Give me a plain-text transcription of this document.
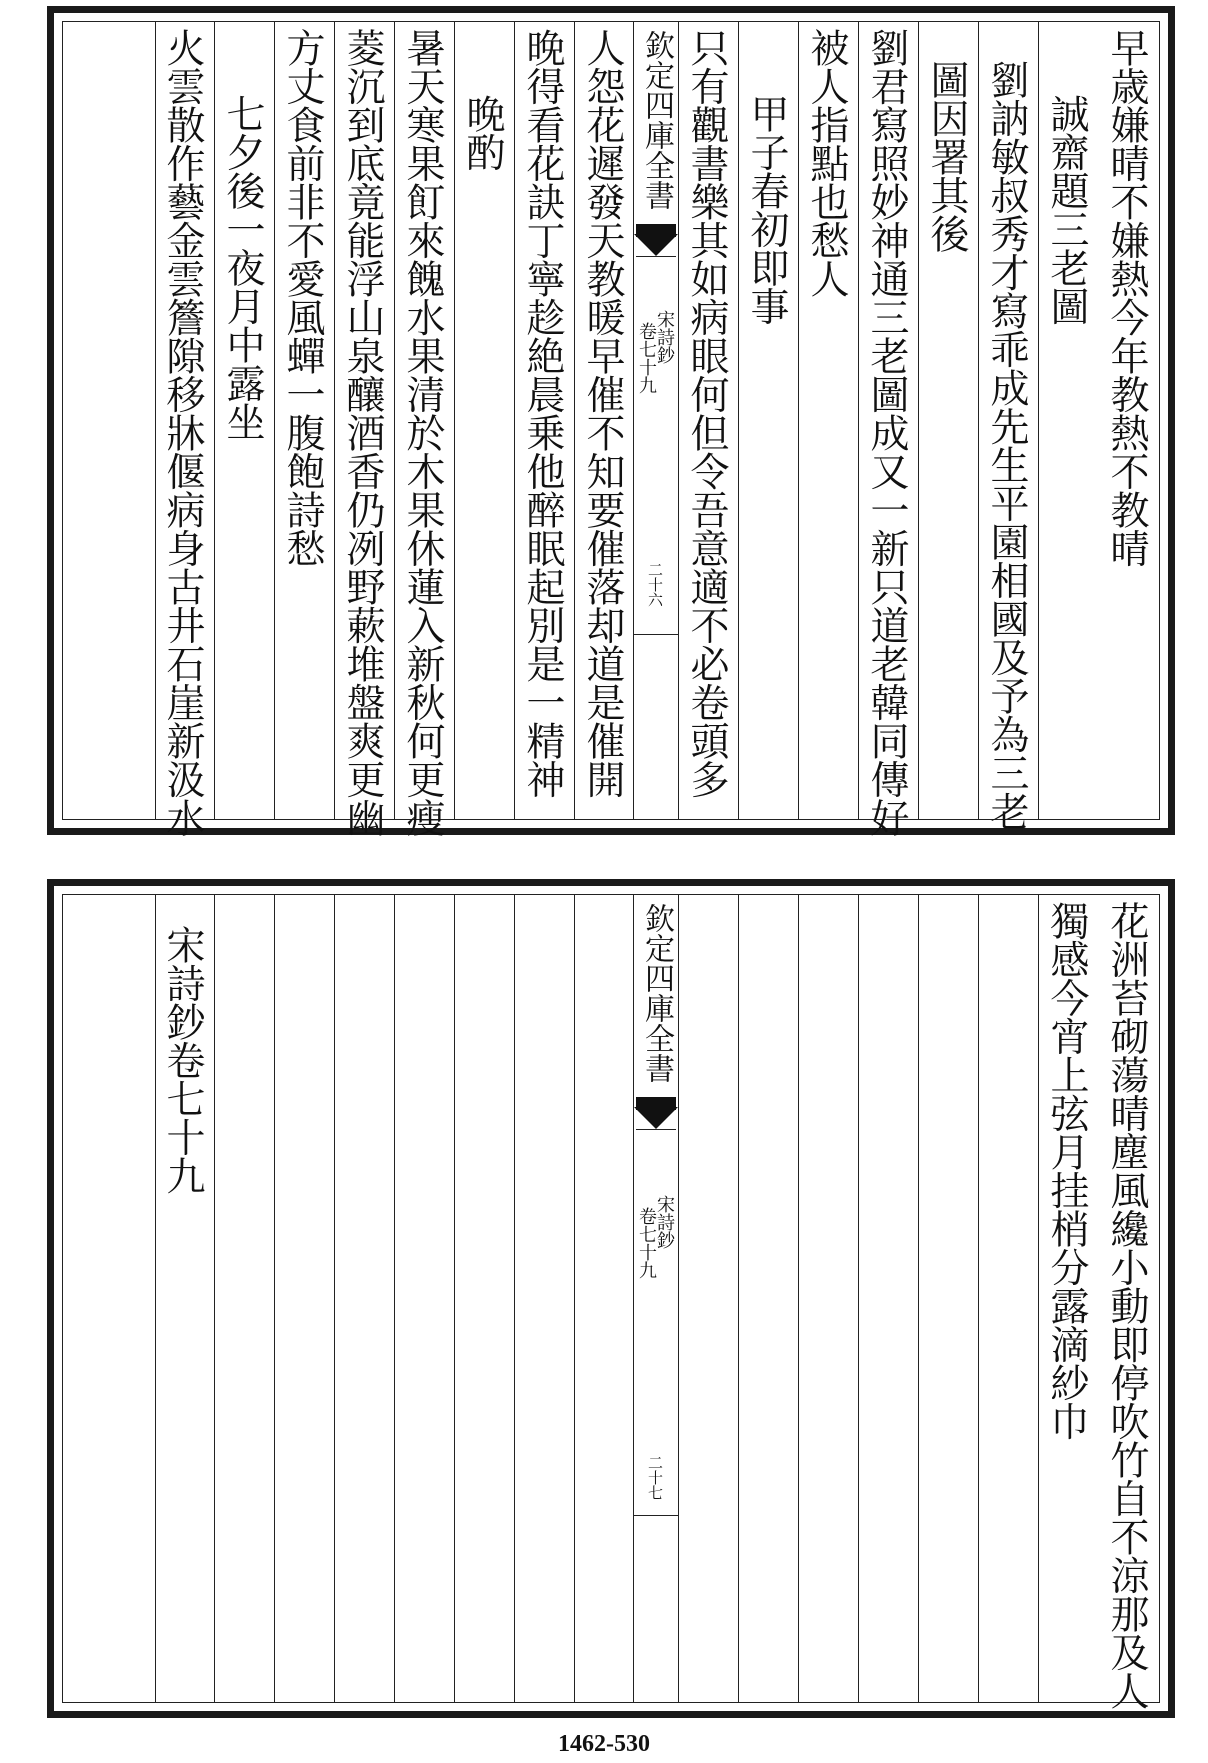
早歳嫌晴不嫌熱今年教熱不教晴
誠齋題三老圖
劉訥敏叔秀才寫乖成先生平園相國及予為三老
圖因署其後
劉君寫照妙神通三老圖成又一新只道老韓同傳好
被人指點也愁人
甲子春初即事
只有觀書樂其如病眼何但令吾意適不必卷頭多
欽定四庫全書
宋詩鈔
卷七十九
二十六
人怨花遲發天教暖早催不知要催落却道是催開
晚得看花訣丁寧趁絶晨乗他醉眠起別是一精神
晚酌
暑天寒果飣來餽水果清於木果休蓮入新秋何更瘦
菱沉到底竟能浮山泉釀酒香仍冽野蔌堆盤爽更幽
方丈食前非不愛風蟬一腹飽詩愁
七夕後一夜月中露坐
火雲散作藝金雲簷隙移牀偃病身古井石崖新汲水
花洲苔砌蕩晴塵風纔小動即停吹竹自不涼那及人
獨感今宵上弦月挂梢分露滴紗巾
欽定四庫全書
宋詩鈔
卷七十九
二十七
宋詩鈔卷七十九
1462-530
